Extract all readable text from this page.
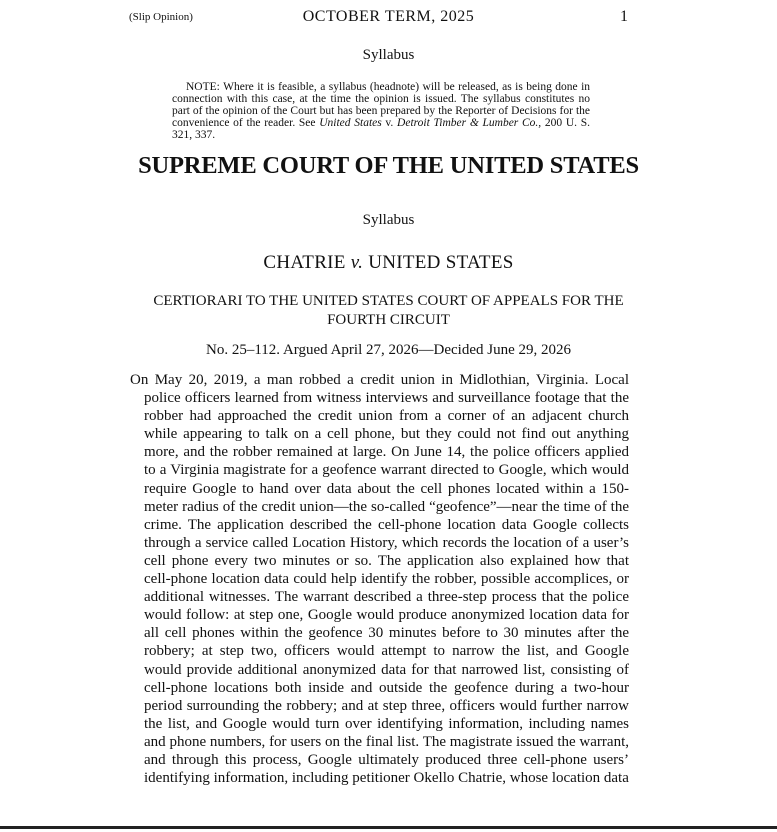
(Slip Opinion)	OCTOBER TERM, 2025	1
Syllabus
NOTE: Where it is feasible, a syllabus (headnote) will be released, as is being done in connection with this case, at the time the opinion is issued. The syllabus constitutes no part of the opinion of the Court but has been prepared by the Reporter of Decisions for the convenience of the reader. See United States v. Detroit Timber & Lumber Co., 200 U. S. 321, 337.
SUPREME COURT OF THE UNITED STATES
Syllabus
CHATRIE v. UNITED STATES
CERTIORARI TO THE UNITED STATES COURT OF APPEALS FOR THE FOURTH CIRCUIT
No. 25–112. Argued April 27, 2026—Decided June 29, 2026

On May 20, 2019, a man robbed a credit union in Midlothian, Virginia. Local police officers learned from witness interviews and surveillance footage that the robber had approached the credit union from a corner of an adjacent church while appearing to talk on a cell phone, but they could not find out anything more, and the robber remained at large. On June 14, the police officers applied to a Virginia magistrate for a geofence warrant directed to Google, which would require Google to hand over data about the cell phones located within a 150-meter radius of the credit union—the so-called “geofence”—near the time of the crime. The application described the cell-phone location data Google collects through a service called Location History, which records the location of a user’s cell phone every two minutes or so. The application also explained how that cell-phone location data could help identify the robber, possible accomplices, or additional witnesses. The warrant described a three-step process that the police would follow: at step one, Google would produce anonymized location data for all cell phones within the geofence 30 minutes before to 30 minutes after the robbery; at step two, officers would attempt to narrow the list, and Google would provide additional anonymized data for that narrowed list, consisting of cell-phone locations both inside and outside the geofence during a two-hour period surrounding the robbery; and at step three, officers would further narrow the list, and Google would turn over identifying information, including names and phone numbers, for users on the final list. The magistrate issued the warrant, and through this process, Google ultimately produced three cell-phone users’ identifying information, including petitioner Okello Chatrie, whose location data
